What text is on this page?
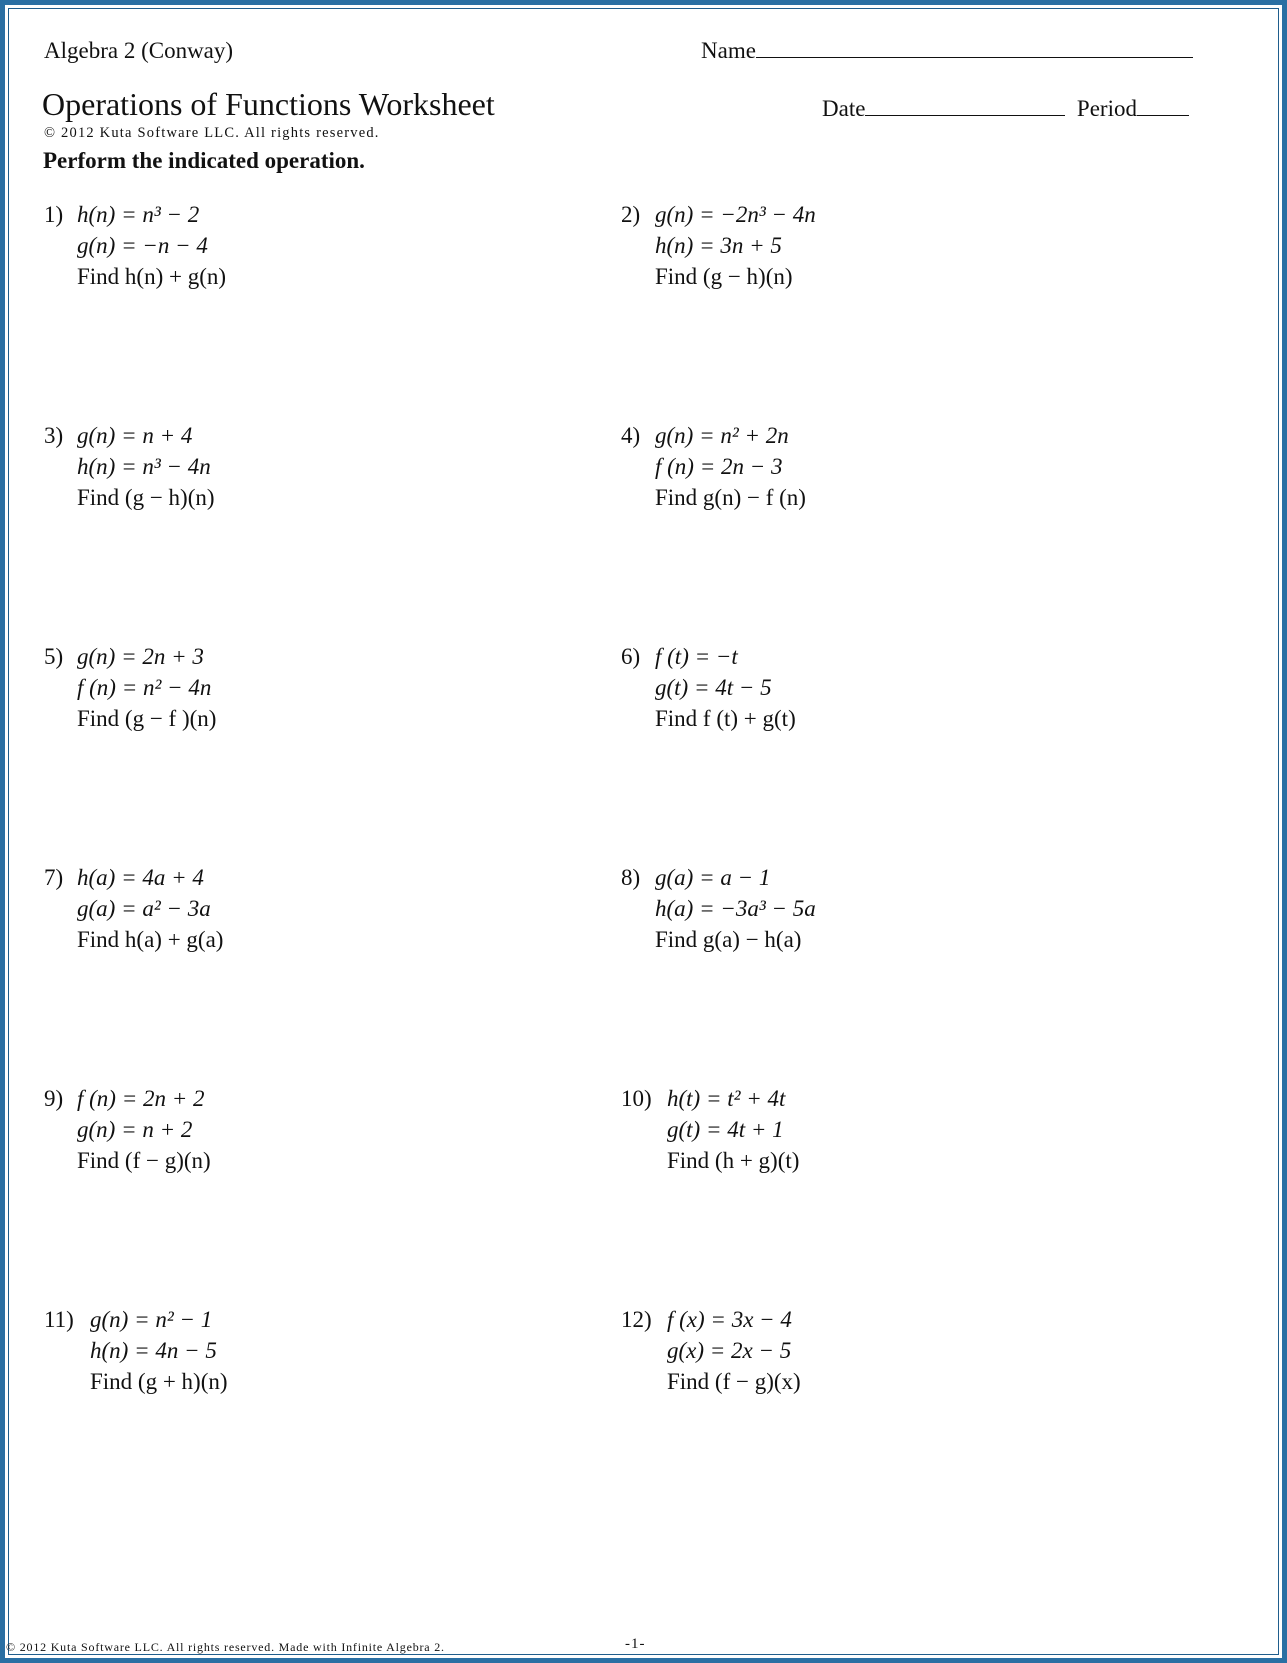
Algebra 2 (Conway)	Name
Operations of Functions Worksheet
© 2012 Kuta Software LLC. All rights reserved.
Date	Period
Perform the indicated operation.
1) h(n) = n³ − 2
g(n) = −n − 4
Find h(n) + g(n)
2) g(n) = −2n³ − 4n
h(n) = 3n + 5
Find (g − h)(n)
3) g(n) = n + 4
h(n) = n³ − 4n
Find (g − h)(n)
4) g(n) = n² + 2n
f (n) = 2n − 3
Find g(n) − f (n)
5) g(n) = 2n + 3
f (n) = n² − 4n
Find (g − f )(n)
6) f (t) = −t
g(t) = 4t − 5
Find f (t) + g(t)
7) h(a) = 4a + 4
g(a) = a² − 3a
Find h(a) + g(a)
8) g(a) = a − 1
h(a) = −3a³ − 5a
Find g(a) − h(a)
9) f (n) = 2n + 2
g(n) = n + 2
Find (f − g)(n)
10) h(t) = t² + 4t
g(t) = 4t + 1
Find (h + g)(t)
11) g(n) = n² − 1
h(n) = 4n − 5
Find (g + h)(n)
12) f (x) = 3x − 4
g(x) = 2x − 5
Find (f − g)(x)
© 2012 Kuta Software LLC. All rights reserved. Made with Infinite Algebra 2.	-1-
